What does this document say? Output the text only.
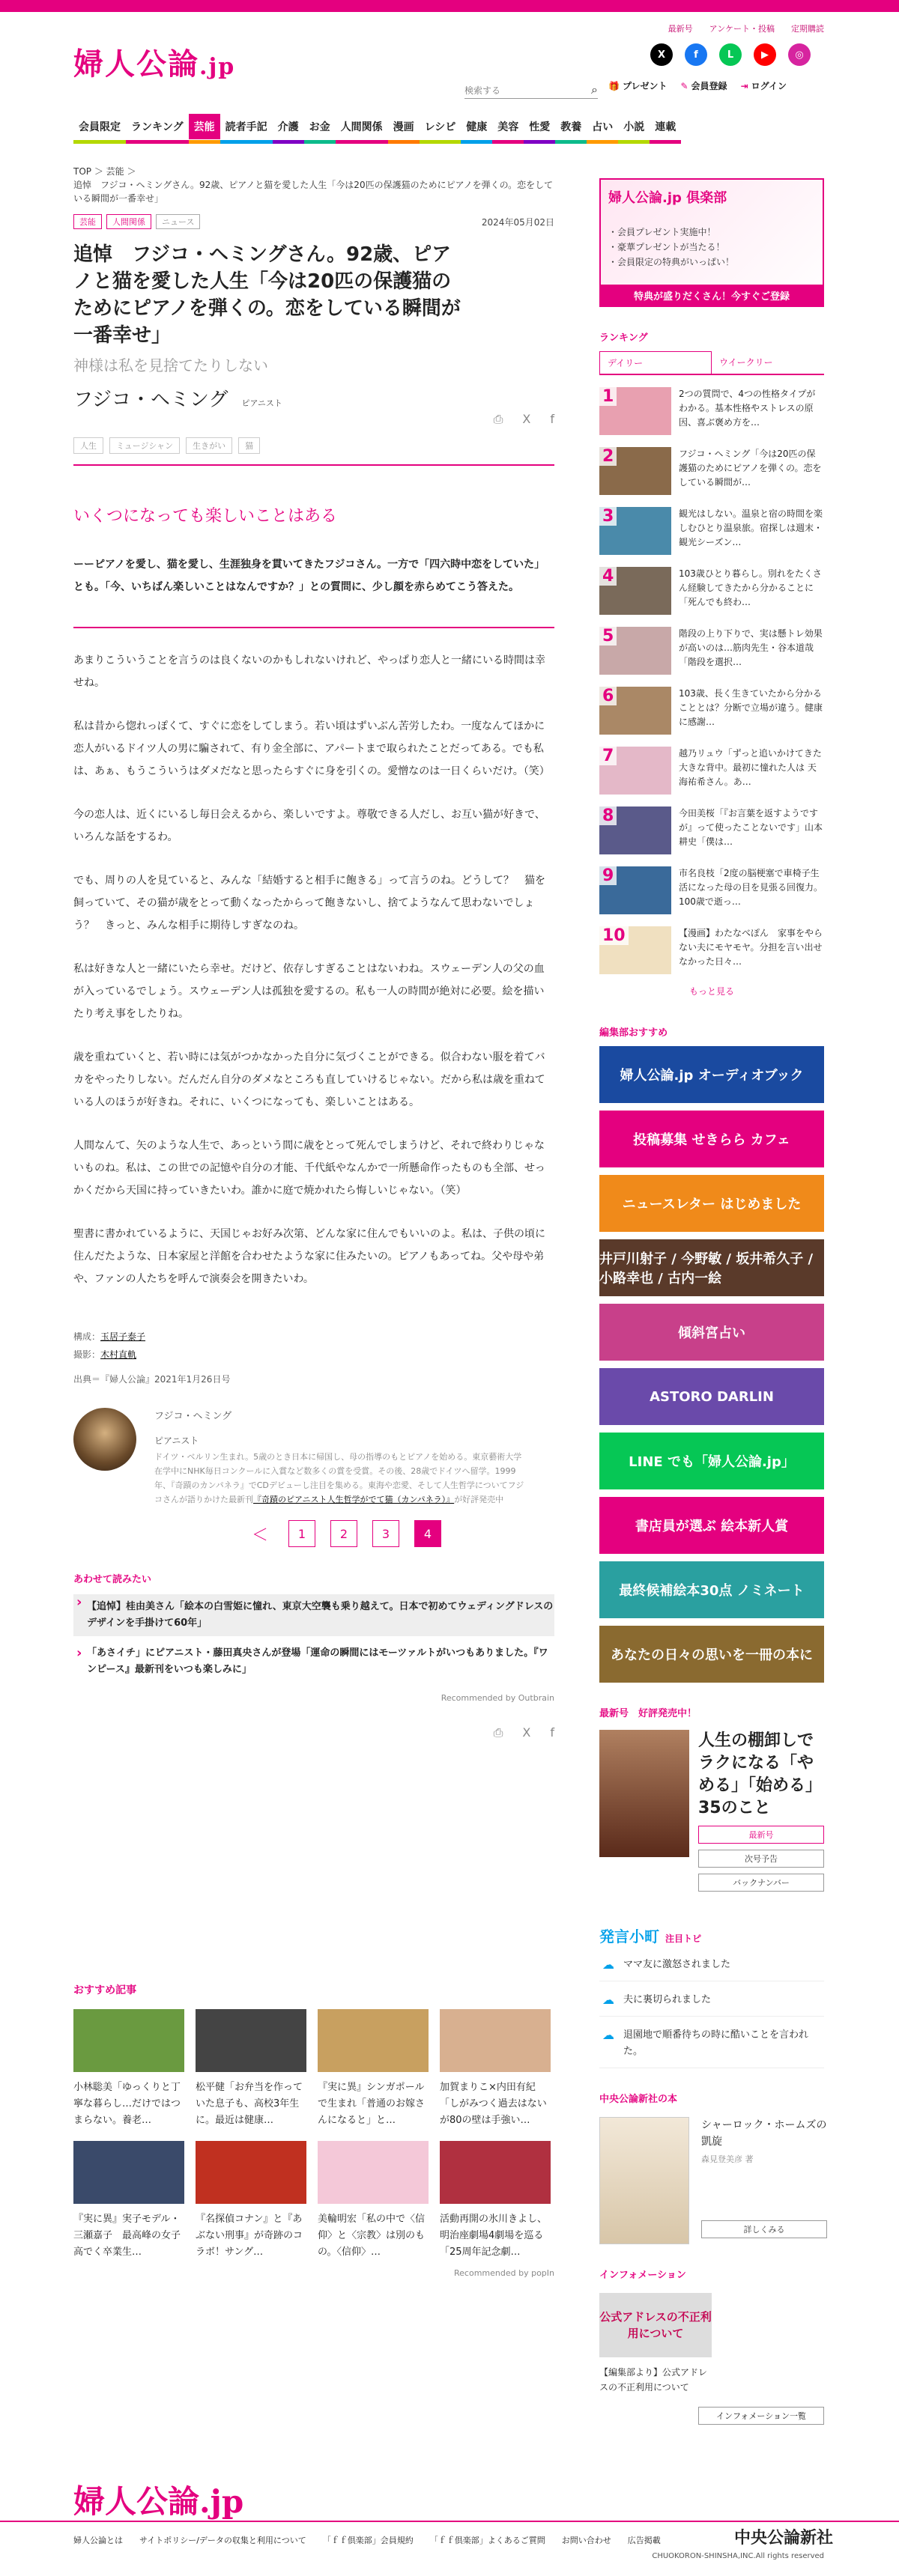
婦人公論.jp
最新号 アンケート・投稿 定期購読
X	f	L	▶	◎
検索する
⌕ 🎁 プレゼント ✎ 会員登録 ⇥ ログイン
会員限定	ランキング	芸能	読者手記	介護	お金	人間関係	漫画	レシピ	健康	美容	性愛	教養	占い	小説	連載
TOP ＞ 芸能 ＞
追悼　フジコ・ヘミングさん。92歳、ピアノと猫を愛した人生「今は20匹の保護猫のためにピアノを弾くの。恋をしている瞬間が一番幸せ」
芸能	人間関係	ニュース	2024年05月02日
追悼　フジコ・ヘミングさん。92歳、ピアノと猫を愛した人生「今は20匹の保護猫のためにピアノを弾くの。恋をしている瞬間が一番幸せ」
神様は私を見捨てたりしない
フジコ・ヘミング ピアニスト
⎙ X f
人生	ミュージシャン	生きがい	猫
いくつになっても楽しいことはある
ーーピアノを愛し、猫を愛し、生涯独身を貫いてきたフジコさん。一方で「四六時中恋をしていた」とも。「今、いちばん楽しいことはなんですか？」との質問に、少し顔を赤らめてこう答えた。

あまりこういうことを言うのは良くないのかもしれないけれど、やっぱり恋人と一緒にいる時間は幸せね。

私は昔から惚れっぽくて、すぐに恋をしてしまう。若い頃はずいぶん苦労したわ。一度なんてほかに恋人がいるドイツ人の男に騙されて、有り金全部に、アパートまで取られたことだってある。でも私は、あぁ、もうこういうはダメだなと思ったらすぐに身を引くの。愛憎なのは一日くらいだけ。（笑）

今の恋人は、近くにいるし毎日会えるから、楽しいですよ。尊敬できる人だし、お互い猫が好きで、いろんな話をするわ。

でも、周りの人を見ていると、みんな「結婚すると相手に飽きる」って言うのね。どうして？　猫を飼っていて、その猫が歳をとって動くなったからって飽きないし、捨てようなんて思わないでしょう？　きっと、みんな相手に期待しすぎなのね。

私は好きな人と一緒にいたら幸せ。だけど、依存しすぎることはないわね。スウェーデン人の父の血が入っているでしょう。スウェーデン人は孤独を愛するの。私も一人の時間が絶対に必要。絵を描いたり考え事をしたりね。

歳を重ねていくと、若い時には気がつかなかった自分に気づくことができる。似合わない服を着てバカをやったりしない。だんだん自分のダメなところも直していけるじゃない。だから私は歳を重ねている人のほうが好きね。それに、いくつになっても、楽しいことはある。

人間なんて、矢のような人生で、あっという間に歳をとって死んでしまうけど、それで終わりじゃないものね。私は、この世での記憶や自分の才能、千代紙やなんかで一所懸命作ったものも全部、せっかくだから天国に持っていきたいわ。誰かに庭で焼かれたら悔しいじゃない。（笑）

聖書に書かれているように、天国じゃお好み次第、どんな家に住んでもいいのよ。私は、子供の頃に住んだたような、日本家屋と洋館を合わせたような家に住みたいの。ピアノもあってね。父や母や弟や、ファンの人たちを呼んで演奏会を開きたいわ。

構成：玉居子泰子
撮影：木村直軌
出典＝『婦人公論』2021年1月26日号
フジコ・ヘミング
ピアニスト
ドイツ・ベルリン生まれ。5歳のとき日本に帰国し、母の指導のもとピアノを始める。東京藝術大学在学中にNHK毎日コンクールに入賞など数多くの賞を受賞。その後、28歳でドイツへ留学。1999年、『奇蹟のカンパネラ』でCDデビューし注目を集める。東海や恋愛、そして人生哲学についてフジコさんが語りかけた最新刊『奇蹟のピアニスト人生哲学がでて猫（カンパネラ）』が好評発売中
＜	1	2	3	4
あわせて読みたい
› 【追悼】桂由美さん「絵本の白雪姫に憧れ、東京大空襲も乗り越えて。日本で初めてウェディングドレスのデザインを手掛けて60年」
› 「あさイチ」にピアニスト・藤田真央さんが登場「運命の瞬間にはモーツァルトがいつもありました。『ワンピース』最新刊をいつも楽しみに」
Recommended by Outbrain
⎙ X f
おすすめ記事
小林聡美「ゆっくりと丁寧な暮らし…だけではつまらない。養老…
松平健「お弁当を作っていた息子も、高校3年生に。最近は健康…
『実に異』シンガポールで生まれ「普通のお嫁さんになると」と…
加賀まりこ×内田有紀「しがみつく過去はないが80の壁は手強い…
『実に異』実子モデル・三瀬嘉子　最高峰の女子高でく卒業生…
『名探偵コナン』と『あぶない刑事』が奇跡のコラボ！サング…
美輪明宏「私の中で〈信仰〉と〈宗教〉は別のもの。〈信仰〉…
活動再開の氷川きよし、明治座劇場4劇場を巡る「25周年記念劇…
Recommended by popIn
婦人公論.jp 俱楽部
・会員プレゼント実施中！
・豪華プレゼントが当たる！
・会員限定の特典がいっぱい！
特典が盛りだくさん！今すぐご登録
ランキング
デイリー	ウイークリー
1	2つの質問で、4つの性格タイプがわかる。基本性格やストレスの原因、喜ぶ褒め方を…
2	フジコ・ヘミング「今は20匹の保護猫のためにピアノを弾くの。恋をしている瞬間が…
3	観光はしない。温泉と宿の時間を楽しむひとり温泉旅。宿探しは週末・観光シーズン…
4	103歳ひとり暮らし。別れをたくさん経験してきたから分かることに「死んでも終わ…
5	階段の上り下りで、実は懸トレ効果が高いのは…筋肉先生・谷本道哉「階段を選択…
6	103歳、長く生きていたから分かることとは？分断で立場が違う。健康に感謝…
7	越乃リュウ「ずっと追いかけてきた大きな背中。最初に憧れた人は 天海祐希さん。あ…
8	今田美桜「『お言葉を返すようですが』って使ったことないです」山本耕史「僕は…
9	市名良枝「2度の脳梗塞で車椅子生活になった母の目を見張る回復力。100歳で逝っ…
10	【漫画】わたなべぽん　家事をやらない夫にモヤモヤ。分担を言い出せなかった日々…
もっと見る
編集部おすすめ
婦人公論.jp オーディオブック
投稿募集 せきらら カフェ
ニュースレター はじめました
井戸川射子 / 今野敏 / 坂井希久子 / 小路幸也 / 古内一絵
傾斜宮占い
ASTORO DARLIN
LINE でも「婦人公論.jp」
書店員が選ぶ 絵本新人賞
最終候補絵本30点 ノミネート
あなたの日々の思いを一冊の本に
最新号　好評発売中！
人生の棚卸しでラクになる「やめる」「始める」35のこと
最新号
次号予告
バックナンバー
発言小町 注目トピ
☁ ママ友に激怒されました
☁ 夫に裏切られました
☁ 退園地で順番待ちの時に酷いことを言われた。
中央公論新社の本
シャーロック・ホームズの凱旋
森見登美彦 著
詳しくみる
インフォメーション
公式アドレスの不正利用について
【編集部より】公式アドレスの不正利用について
インフォメーション一覧
婦人公論.jp
婦人公論とは サイトポリシー/データの収集と利用について 「ｆｆ倶楽部」会員規約 「ｆｆ倶楽部」よくあるご質問 お問い合わせ 広告掲載	中央公論新社
CHUOKORON-SHINSHA,INC.All rights reserved
